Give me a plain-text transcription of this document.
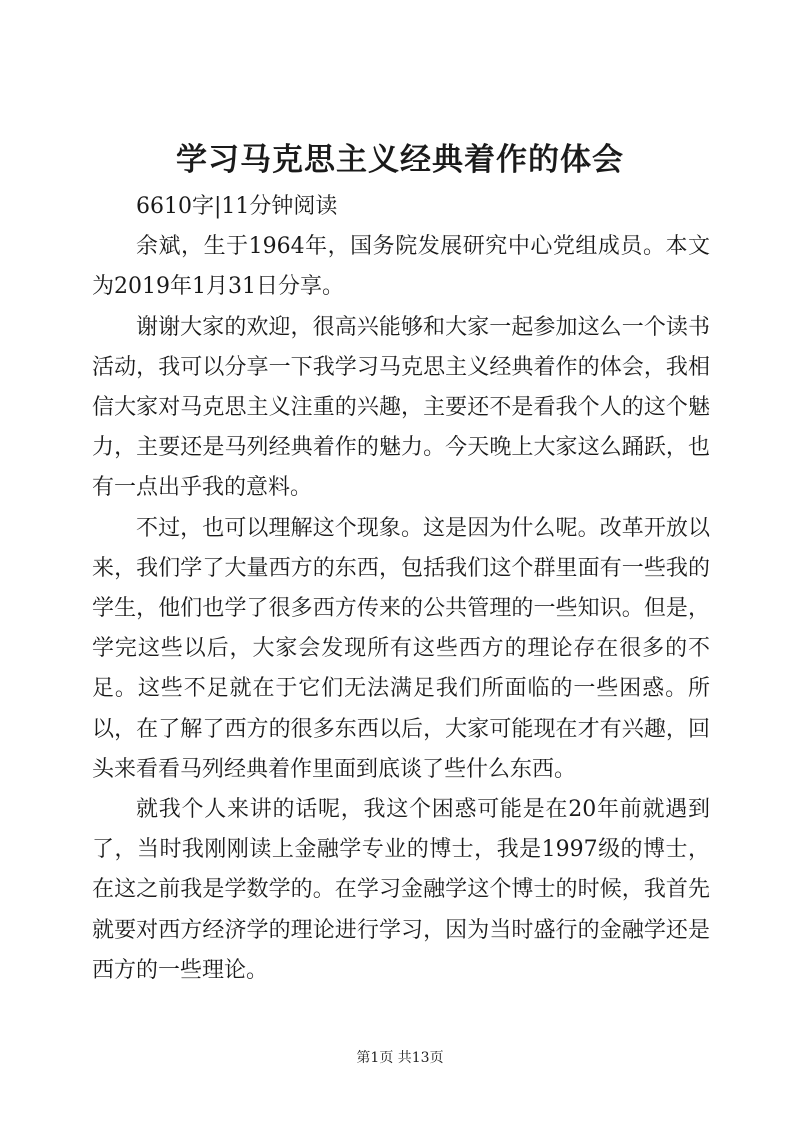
学习马克思主义经典着作的体会

6610字|11分钟阅读

余斌，生于1964年，国务院发展研究中心党组成员。本文为2019年1月31日分享。

谢谢大家的欢迎，很高兴能够和大家一起参加这么一个读书活动，我可以分享一下我学习马克思主义经典着作的体会，我相信大家对马克思主义注重的兴趣，主要还不是看我个人的这个魅力，主要还是马列经典着作的魅力。今天晚上大家这么踊跃，也有一点出乎我的意料。

不过，也可以理解这个现象。这是因为什么呢。改革开放以来，我们学了大量西方的东西，包括我们这个群里面有一些我的学生，他们也学了很多西方传来的公共管理的一些知识。但是，学完这些以后，大家会发现所有这些西方的理论存在很多的不足。这些不足就在于它们无法满足我们所面临的一些困惑。所以，在了解了西方的很多东西以后，大家可能现在才有兴趣，回头来看看马列经典着作里面到底谈了些什么东西。

就我个人来讲的话呢，我这个困惑可能是在20年前就遇到了，当时我刚刚读上金融学专业的博士，我是1997级的博士，在这之前我是学数学的。在学习金融学这个博士的时候，我首先就要对西方经济学的理论进行学习，因为当时盛行的金融学还是西方的一些理论。

第1页 共13页
